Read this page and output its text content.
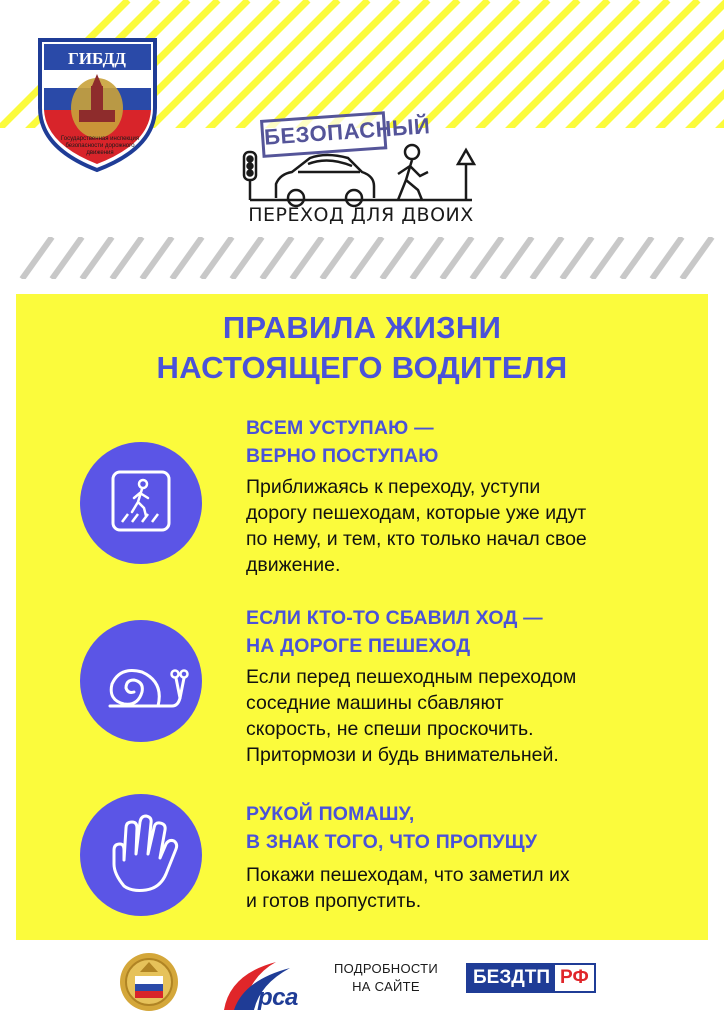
ГИБДД
Государственная инспекция
безопасности дорожного
движения
БЕЗОПАСНЫЙ
ПЕРЕХОД ДЛЯ ДВОИХ
ПРАВИЛА ЖИЗНИ
НАСТОЯЩЕГО ВОДИТЕЛЯ
ВСЕМ УСТУПАЮ —
ВЕРНО ПОСТУПАЮ
Приближаясь к переходу, уступи
дорогу пешеходам, которые уже идут
по нему, и тем, кто только начал свое
движение.
ЕСЛИ КТО-ТО СБАВИЛ ХОД —
НА ДОРОГЕ ПЕШЕХОД
Если перед пешеходным переходом
соседние машины сбавляют
скорость, не спеши проскочить.
Притормози и будь внимательней.
РУКОЙ ПОМАШУ,
В ЗНАК ТОГО, ЧТО ПРОПУЩУ
Покажи пешеходам, что заметил их
и готов пропустить.
рса
ПОДРОБНОСТИ
НА САЙТЕ	БЕЗДТП РФ
